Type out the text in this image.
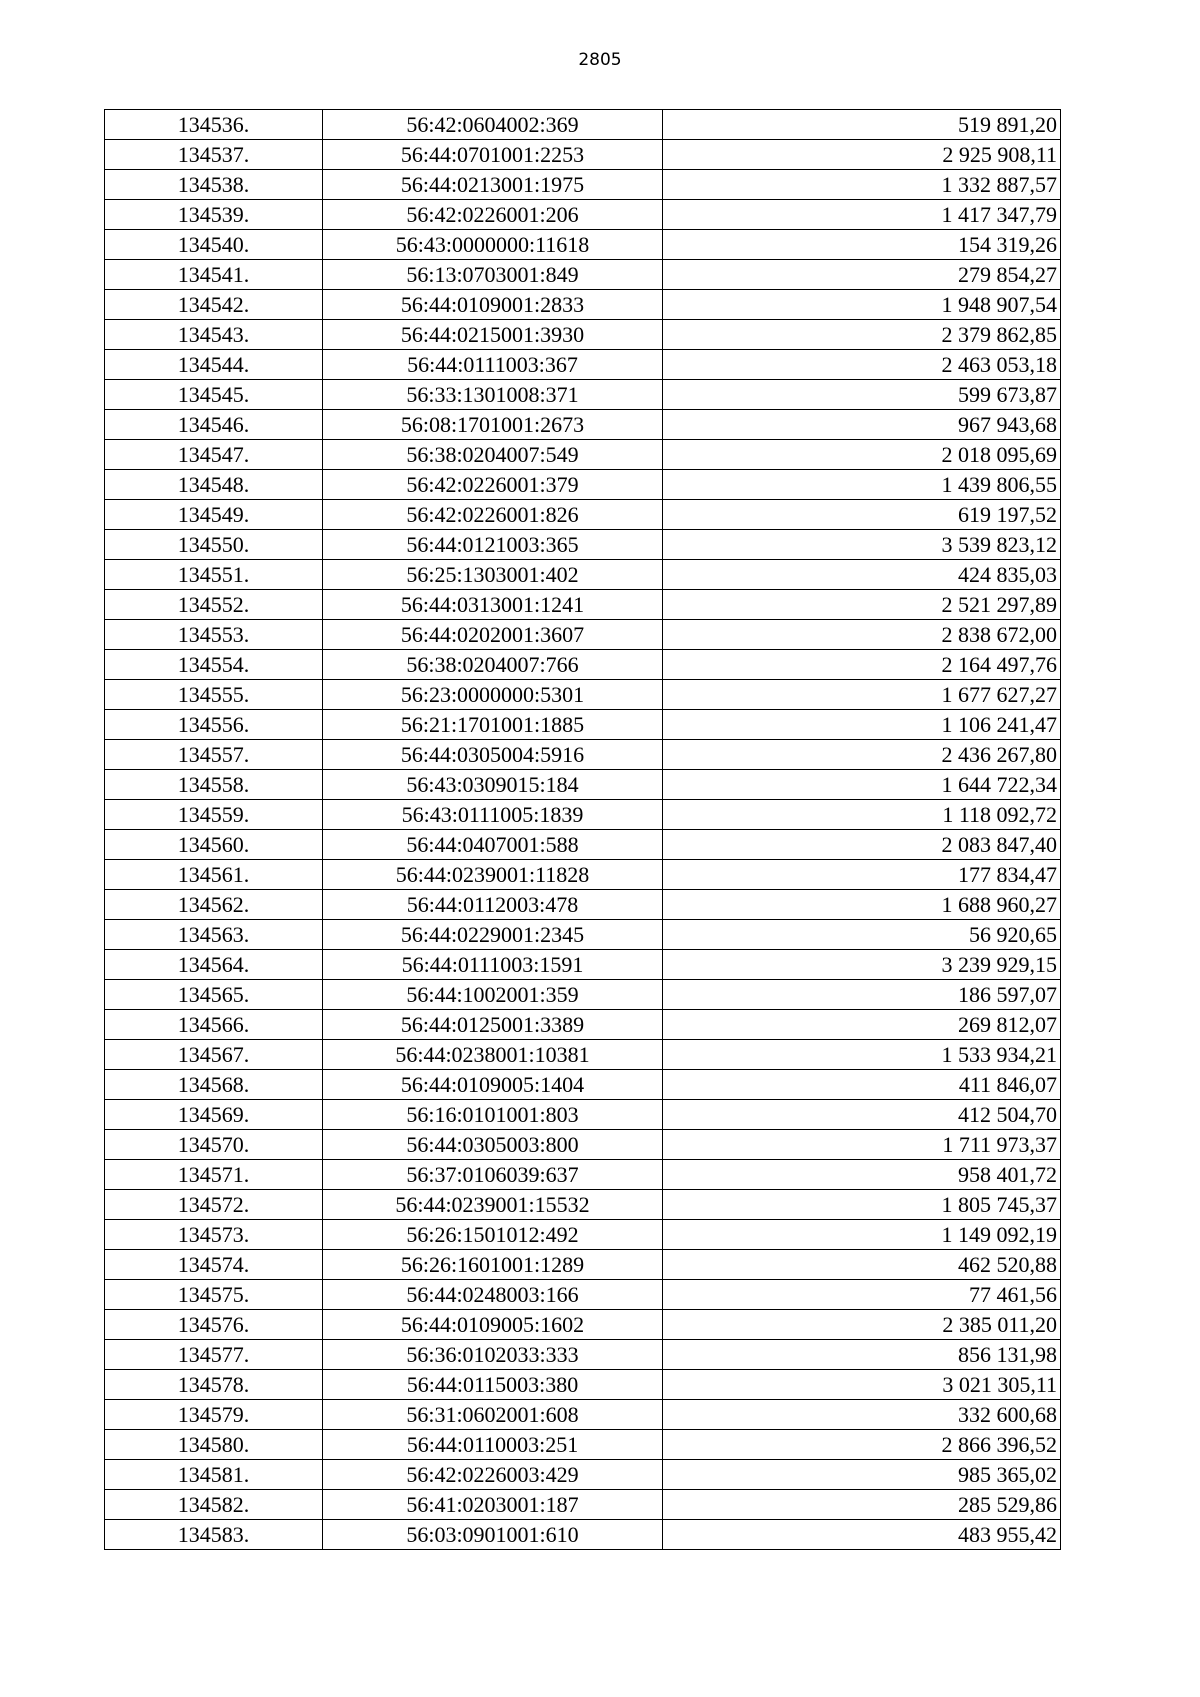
2805
134536.	56:42:0604002:369	519 891,20
134537.	56:44:0701001:2253	2 925 908,11
134538.	56:44:0213001:1975	1 332 887,57
134539.	56:42:0226001:206	1 417 347,79
134540.	56:43:0000000:11618	154 319,26
134541.	56:13:0703001:849	279 854,27
134542.	56:44:0109001:2833	1 948 907,54
134543.	56:44:0215001:3930	2 379 862,85
134544.	56:44:0111003:367	2 463 053,18
134545.	56:33:1301008:371	599 673,87
134546.	56:08:1701001:2673	967 943,68
134547.	56:38:0204007:549	2 018 095,69
134548.	56:42:0226001:379	1 439 806,55
134549.	56:42:0226001:826	619 197,52
134550.	56:44:0121003:365	3 539 823,12
134551.	56:25:1303001:402	424 835,03
134552.	56:44:0313001:1241	2 521 297,89
134553.	56:44:0202001:3607	2 838 672,00
134554.	56:38:0204007:766	2 164 497,76
134555.	56:23:0000000:5301	1 677 627,27
134556.	56:21:1701001:1885	1 106 241,47
134557.	56:44:0305004:5916	2 436 267,80
134558.	56:43:0309015:184	1 644 722,34
134559.	56:43:0111005:1839	1 118 092,72
134560.	56:44:0407001:588	2 083 847,40
134561.	56:44:0239001:11828	177 834,47
134562.	56:44:0112003:478	1 688 960,27
134563.	56:44:0229001:2345	56 920,65
134564.	56:44:0111003:1591	3 239 929,15
134565.	56:44:1002001:359	186 597,07
134566.	56:44:0125001:3389	269 812,07
134567.	56:44:0238001:10381	1 533 934,21
134568.	56:44:0109005:1404	411 846,07
134569.	56:16:0101001:803	412 504,70
134570.	56:44:0305003:800	1 711 973,37
134571.	56:37:0106039:637	958 401,72
134572.	56:44:0239001:15532	1 805 745,37
134573.	56:26:1501012:492	1 149 092,19
134574.	56:26:1601001:1289	462 520,88
134575.	56:44:0248003:166	77 461,56
134576.	56:44:0109005:1602	2 385 011,20
134577.	56:36:0102033:333	856 131,98
134578.	56:44:0115003:380	3 021 305,11
134579.	56:31:0602001:608	332 600,68
134580.	56:44:0110003:251	2 866 396,52
134581.	56:42:0226003:429	985 365,02
134582.	56:41:0203001:187	285 529,86
134583.	56:03:0901001:610	483 955,42
